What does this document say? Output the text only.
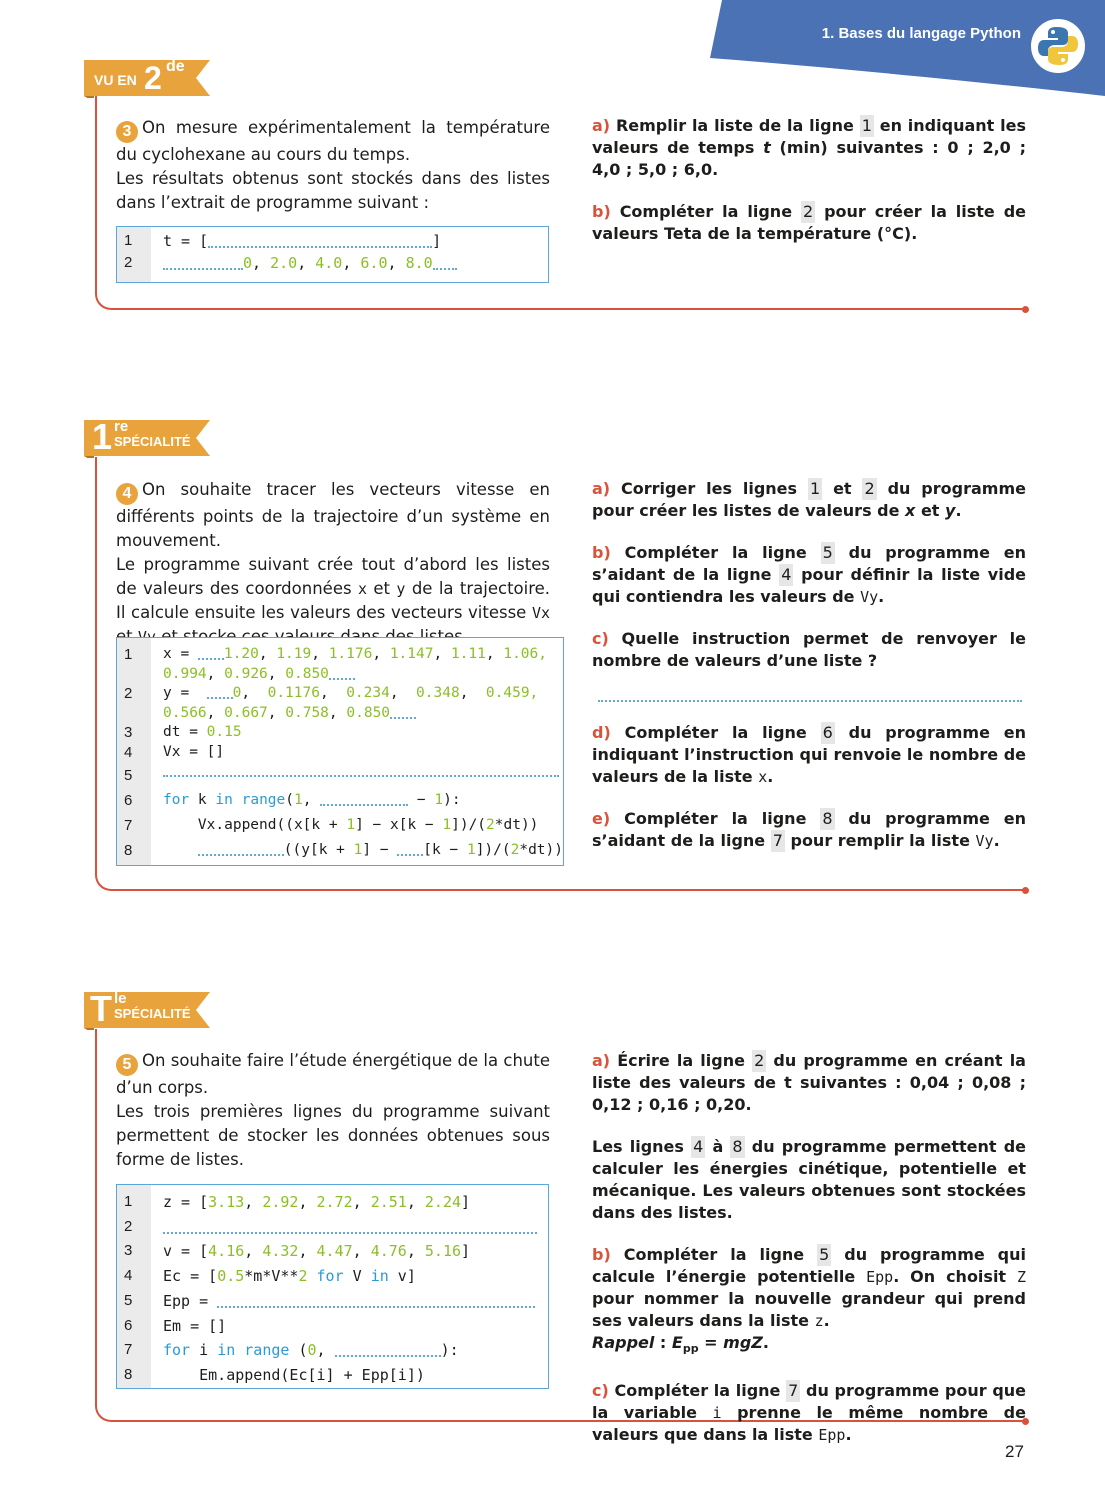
1. Bases du langage Python
VU EN 2 de
3 On mesure expérimentalement la température du cyclohexane au cours du temps.
Les résultats obtenus sont stockés dans des listes dans l’extrait de programme suivant :
1	t = [	]
2	0, 2.0, 4.0, 6.0, 8.0
a) Remplir la liste de la ligne 1 en indiquant les valeurs de temps t (min) suivantes : 0 ; 2,0 ; 4,0 ; 5,0 ; 6,0.
b) Compléter la ligne 2 pour créer la liste de valeurs Teta de la température (°C).
1 re
SPÉCIALITÉ
4 On souhaite tracer les vecteurs vitesse en différents points de la trajectoire d’un système en mouvement.
Le programme suivant crée tout d’abord les listes de valeurs des coordonnées x et y de la trajectoire. Il calcule ensuite les valeurs des vecteurs vitesse Vx
1	x = 1.20, 1.19, 1.176, 1.147, 1.11, 1.06,
0.994, 0.926, 0.850
2	y =  0,  0.1176,  0.234,  0.348,  0.459,
0.566, 0.667, 0.758, 0.850
3	dt = 0.15
4	Vx = []
5
6	for k in range(1,	− 1):
7	Vx.append((x[k + 1] − x[k − 1])/(2*dt))
8	((y[k + 1] − [k − 1])/(2*dt))
a) Corriger les lignes 1 et 2 du programme pour créer les listes de valeurs de x et y.
b) Compléter la ligne 5 du programme en s’aidant de la ligne 4 pour définir la liste vide qui contiendra les valeurs de Vy.
c) Quelle instruction permet de renvoyer le nombre de valeurs d’une liste ?
d) Compléter la ligne 6 du programme en indiquant l’instruction qui renvoie le nombre de valeurs de la liste x.
e) Compléter la ligne 8 du programme en s’aidant de la ligne 7 pour remplir la liste Vy.
T le
SPÉCIALITÉ
5 On souhaite faire l’étude énergétique de la chute d’un corps.
Les trois premières lignes du programme suivant permettent de stocker les données obtenues sous forme de listes.
1	z = [3.13, 2.92, 2.72, 2.51, 2.24]
2
3	v = [4.16, 4.32, 4.47, 4.76, 5.16]
4	Ec = [0.5*m*V**2 for V in v]
5	Epp =
6	Em = []
7	for i in range (0,	):
8	Em.append(Ec[i] + Epp[i])
a) Écrire la ligne 2 du programme en créant la liste des valeurs de t suivantes : 0,04 ; 0,08 ; 0,12 ; 0,16 ; 0,20.
Les lignes 4 à 8 du programme permettent de calculer les énergies cinétique, potentielle et mécanique. Les valeurs obtenues sont stockées dans des listes.
b) Compléter la ligne 5 du programme qui calcule l’énergie potentielle Epp. On choisit Z pour nommer la nouvelle grandeur qui prend ses valeurs dans la liste z.
Rappel : $E_{pp}$ = mgZ.
c) Compléter la ligne 7 du programme pour que la variable i prenne le même nombre de valeurs que dans la liste Epp.
27
